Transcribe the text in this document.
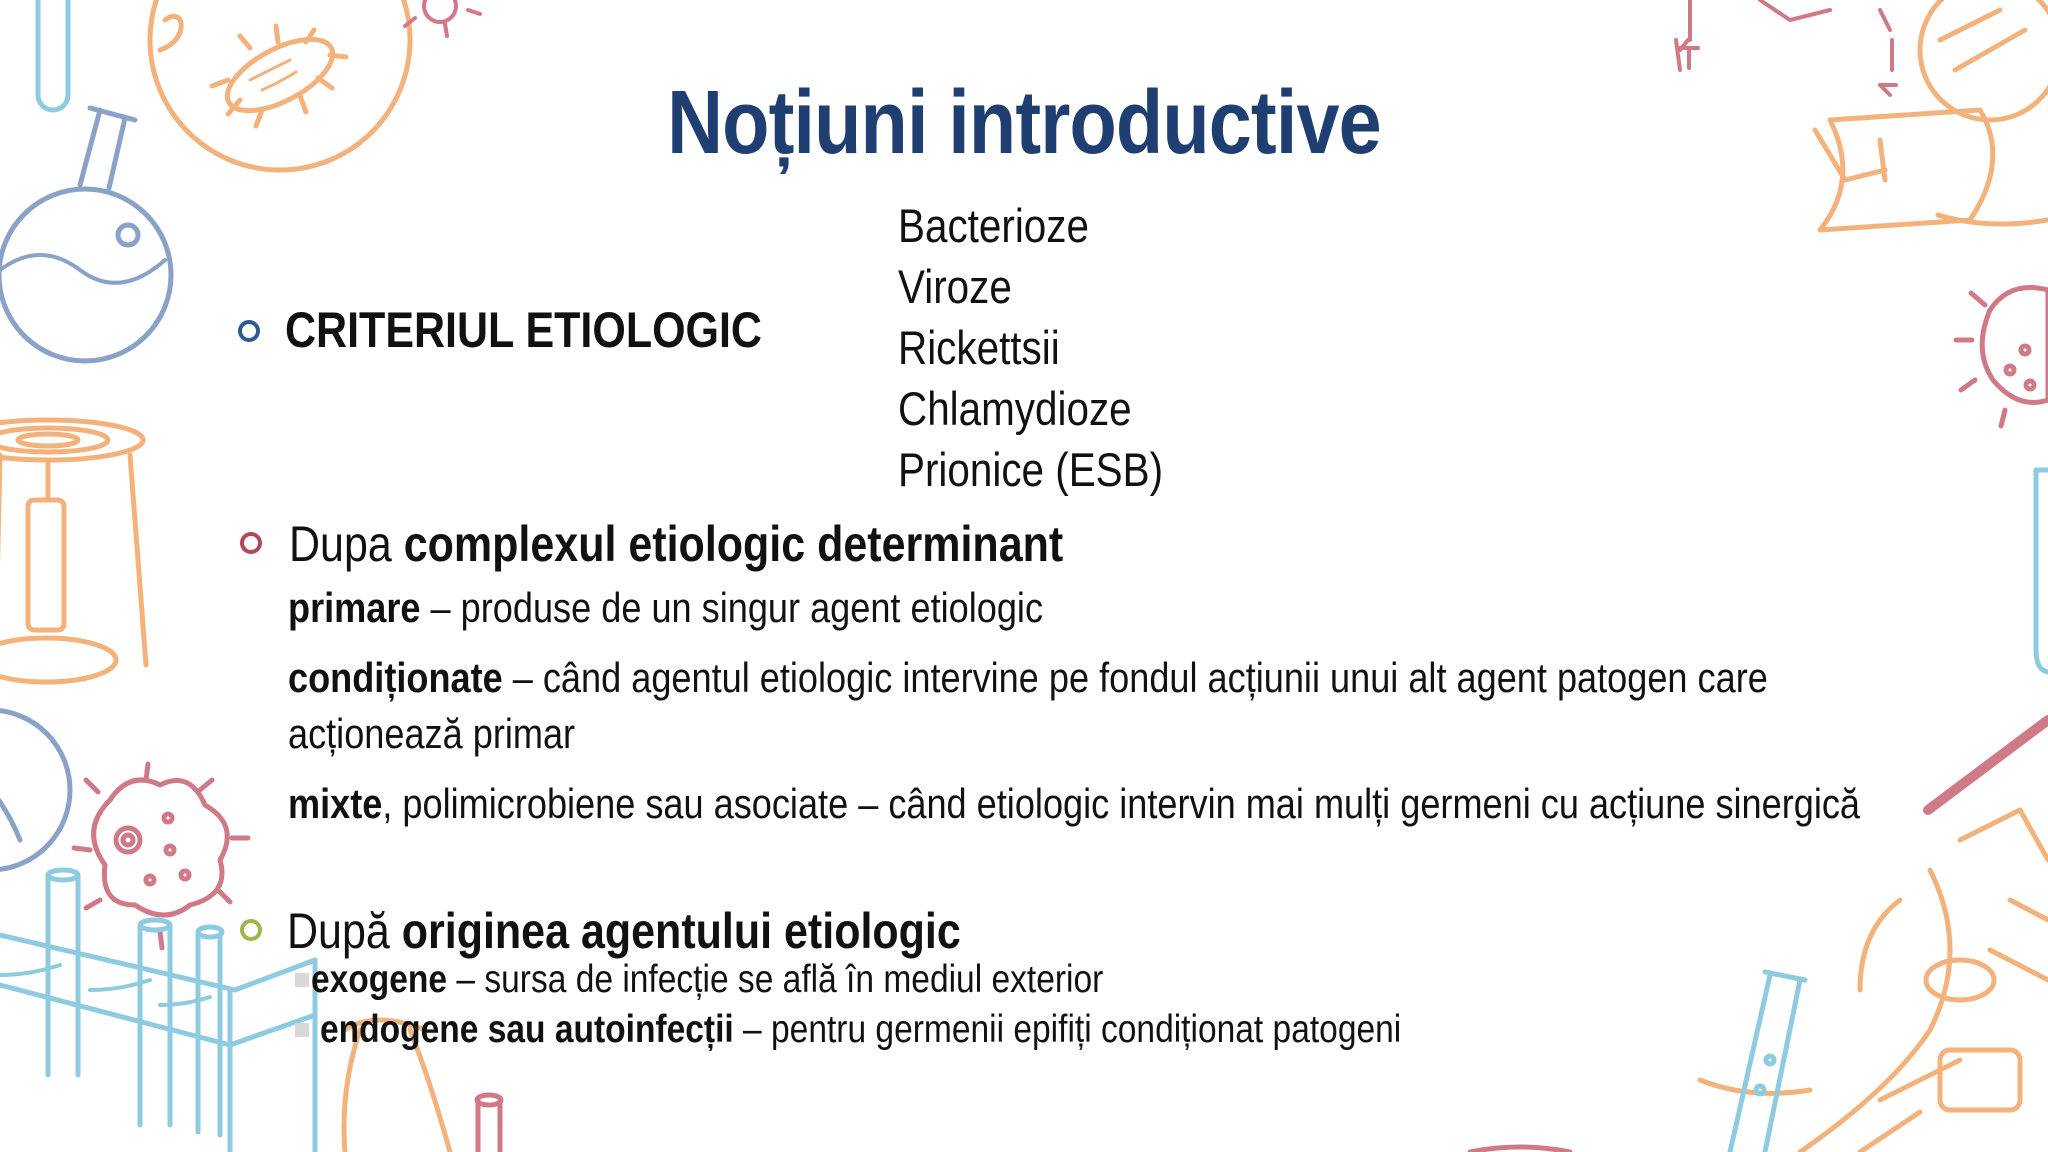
Noțiuni introductive
CRITERIUL ETIOLOGIC
Bacterioze
Viroze
Rickettsii
Chlamydioze
Prionice (ESB)
Dupa complexul etiologic determinant
primare – produse de un singur agent etiologic
condiționate – când agentul etiologic intervine pe fondul acțiunii unui alt agent patogen care
acționează primar
mixte, polimicrobiene sau asociate – când etiologic intervin mai mulți germeni cu acțiune sinergică
După originea agentului etiologic
exogene – sursa de infecție se află în mediul exterior
endogene sau autoinfecții – pentru germenii epifiți condiționat patogeni
